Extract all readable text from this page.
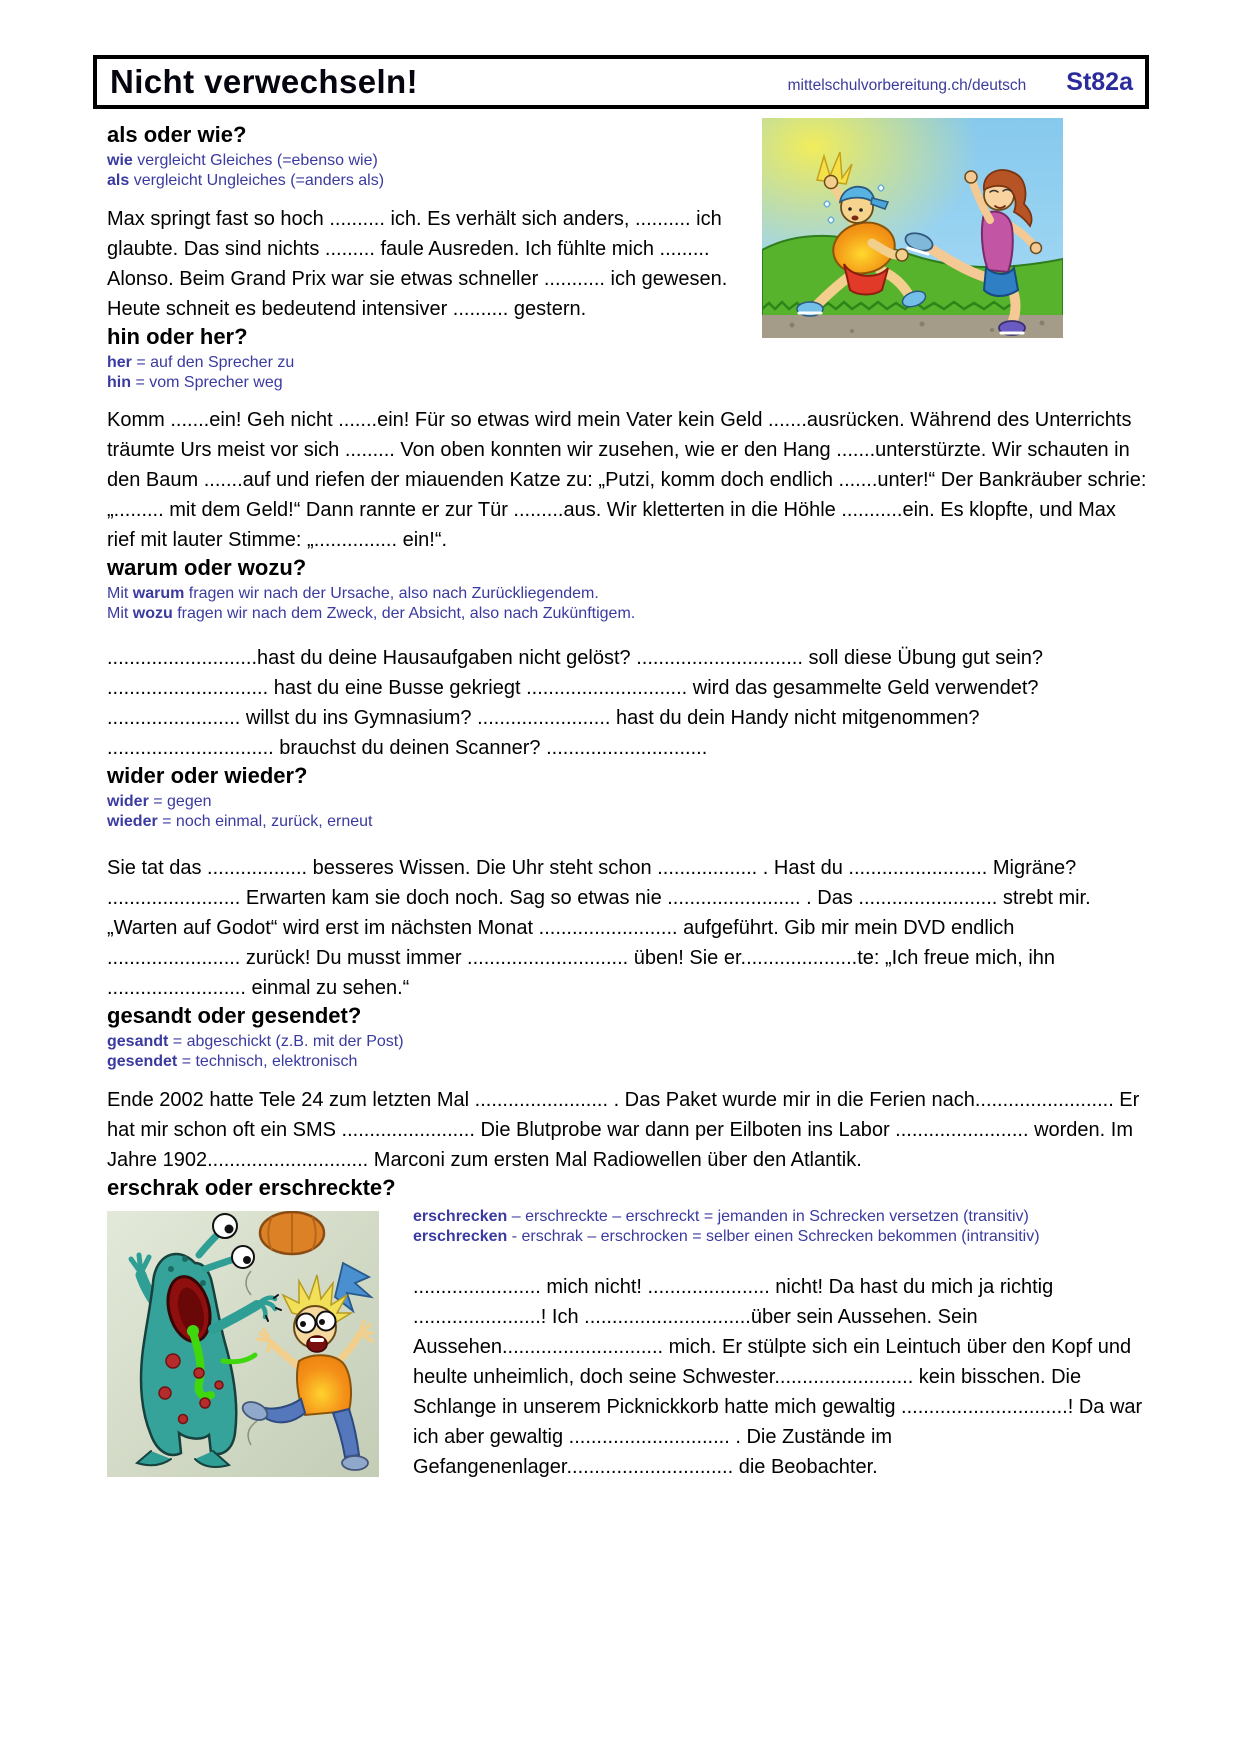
Nicht verwechseln!	mittelschulvorbereitung.ch/deutsch St82a
als oder wie?
wie vergleicht Gleiches (=ebenso wie)
als vergleicht Ungleiches (=anders als)

Max springt fast so hoch .......... ich. Es verhält sich anders, .......... ich glaubte. Das sind nichts ......... faule Ausreden. Ich fühlte mich ......... Alonso. Beim Grand Prix war sie etwas schneller ........... ich gewesen. Heute schneit es bedeutend intensiver .......... gestern.

hin oder her?
her = auf den Sprecher zu
hin = vom Sprecher weg

Komm .......ein! Geh nicht .......ein! Für so etwas wird mein Vater kein Geld .......ausrücken. Während des Unterrichts träumte Urs meist vor sich ......... Von oben konnten wir zusehen, wie er den Hang .......unterstürzte. Wir schauten in den Baum .......auf und riefen der miauenden Katze zu: „Putzi, komm doch endlich .......unter!“ Der Bankräuber schrie: „......... mit dem Geld!“ Dann rannte er zur Tür .........aus. Wir kletterten in die Höhle ...........ein. Es klopfte, und Max rief mit lauter Stimme: „............... ein!“.

warum oder wozu?
Mit warum fragen wir nach der Ursache, also nach Zurückliegendem.
Mit wozu fragen wir nach dem Zweck, der Absicht, also nach Zukünftigem.

...........................hast du deine Hausaufgaben nicht gelöst? .............................. soll diese Übung gut sein? ............................. hast du eine Busse gekriegt ............................. wird das gesammelte Geld verwendet? ........................ willst du ins Gymnasium? ........................ hast du dein Handy nicht mitgenommen? .............................. brauchst du deinen Scanner? .............................

wider oder wieder?
wider = gegen
wieder = noch einmal, zurück, erneut

Sie tat das .................. besseres Wissen. Die Uhr steht schon .................. . Hast du ......................... Migräne? ........................ Erwarten kam sie doch noch. Sag so etwas nie ........................ . Das ......................... strebt mir. „Warten auf Godot“ wird erst im nächsten Monat ......................... aufgeführt. Gib mir mein DVD endlich ........................ zurück! Du musst immer ............................. üben! Sie er.....................te: „Ich freue mich, ihn ......................... einmal zu sehen.“

gesandt oder gesendet?
gesandt = abgeschickt (z.B. mit der Post)
gesendet = technisch, elektronisch

Ende 2002 hatte Tele 24 zum letzten Mal ........................ . Das Paket wurde mir in die Ferien nach......................... Er hat mir schon oft ein SMS ........................ Die Blutprobe war dann per Eilboten ins Labor ........................ worden. Im Jahre 1902............................. Marconi zum ersten Mal Radiowellen über den Atlantik.

erschrak oder erschreckte?
erschrecken – erschreckte – erschreckt = jemanden in Schrecken versetzen (transitiv)
erschrecken - erschrak – erschrocken = selber einen Schrecken bekommen (intransitiv)

....................... mich nicht! ...................... nicht! Da hast du mich ja richtig .......................! Ich ..............................über sein Aussehen. Sein Aussehen............................. mich. Er stülpte sich ein Leintuch über den Kopf und heulte unheimlich, doch seine Schwester......................... kein bisschen. Die Schlange in unserem Picknickkorb hatte mich gewaltig ..............................! Da war ich aber gewaltig ............................. . Die Zustände im Gefangenenlager.............................. die Beobachter.
